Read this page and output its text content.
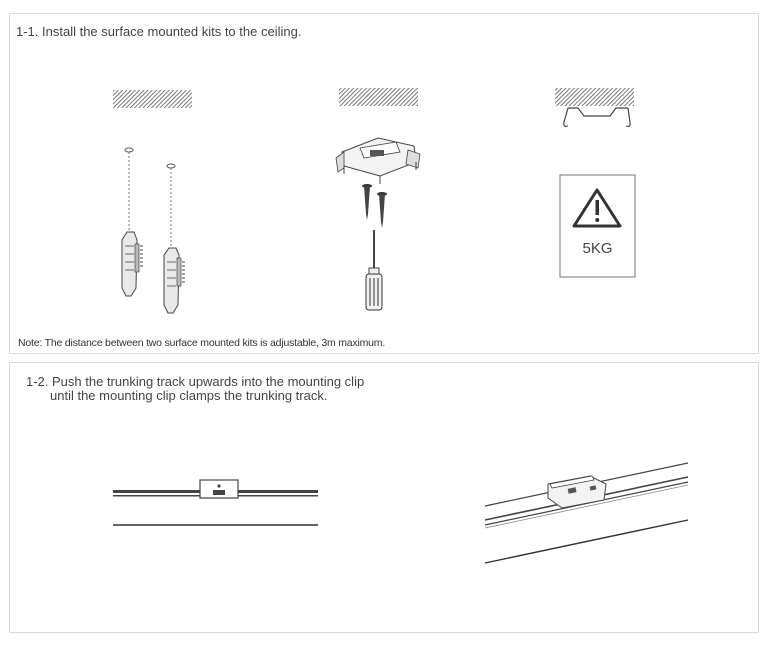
1-1. Install the surface mounted kits to the ceiling.
Note: The distance between two surface mounted kits is adjustable, 3m maximum.
1-2. Push the trunking track upwards into the mounting clip
until the mounting clip clamps the trunking track.
5KG
